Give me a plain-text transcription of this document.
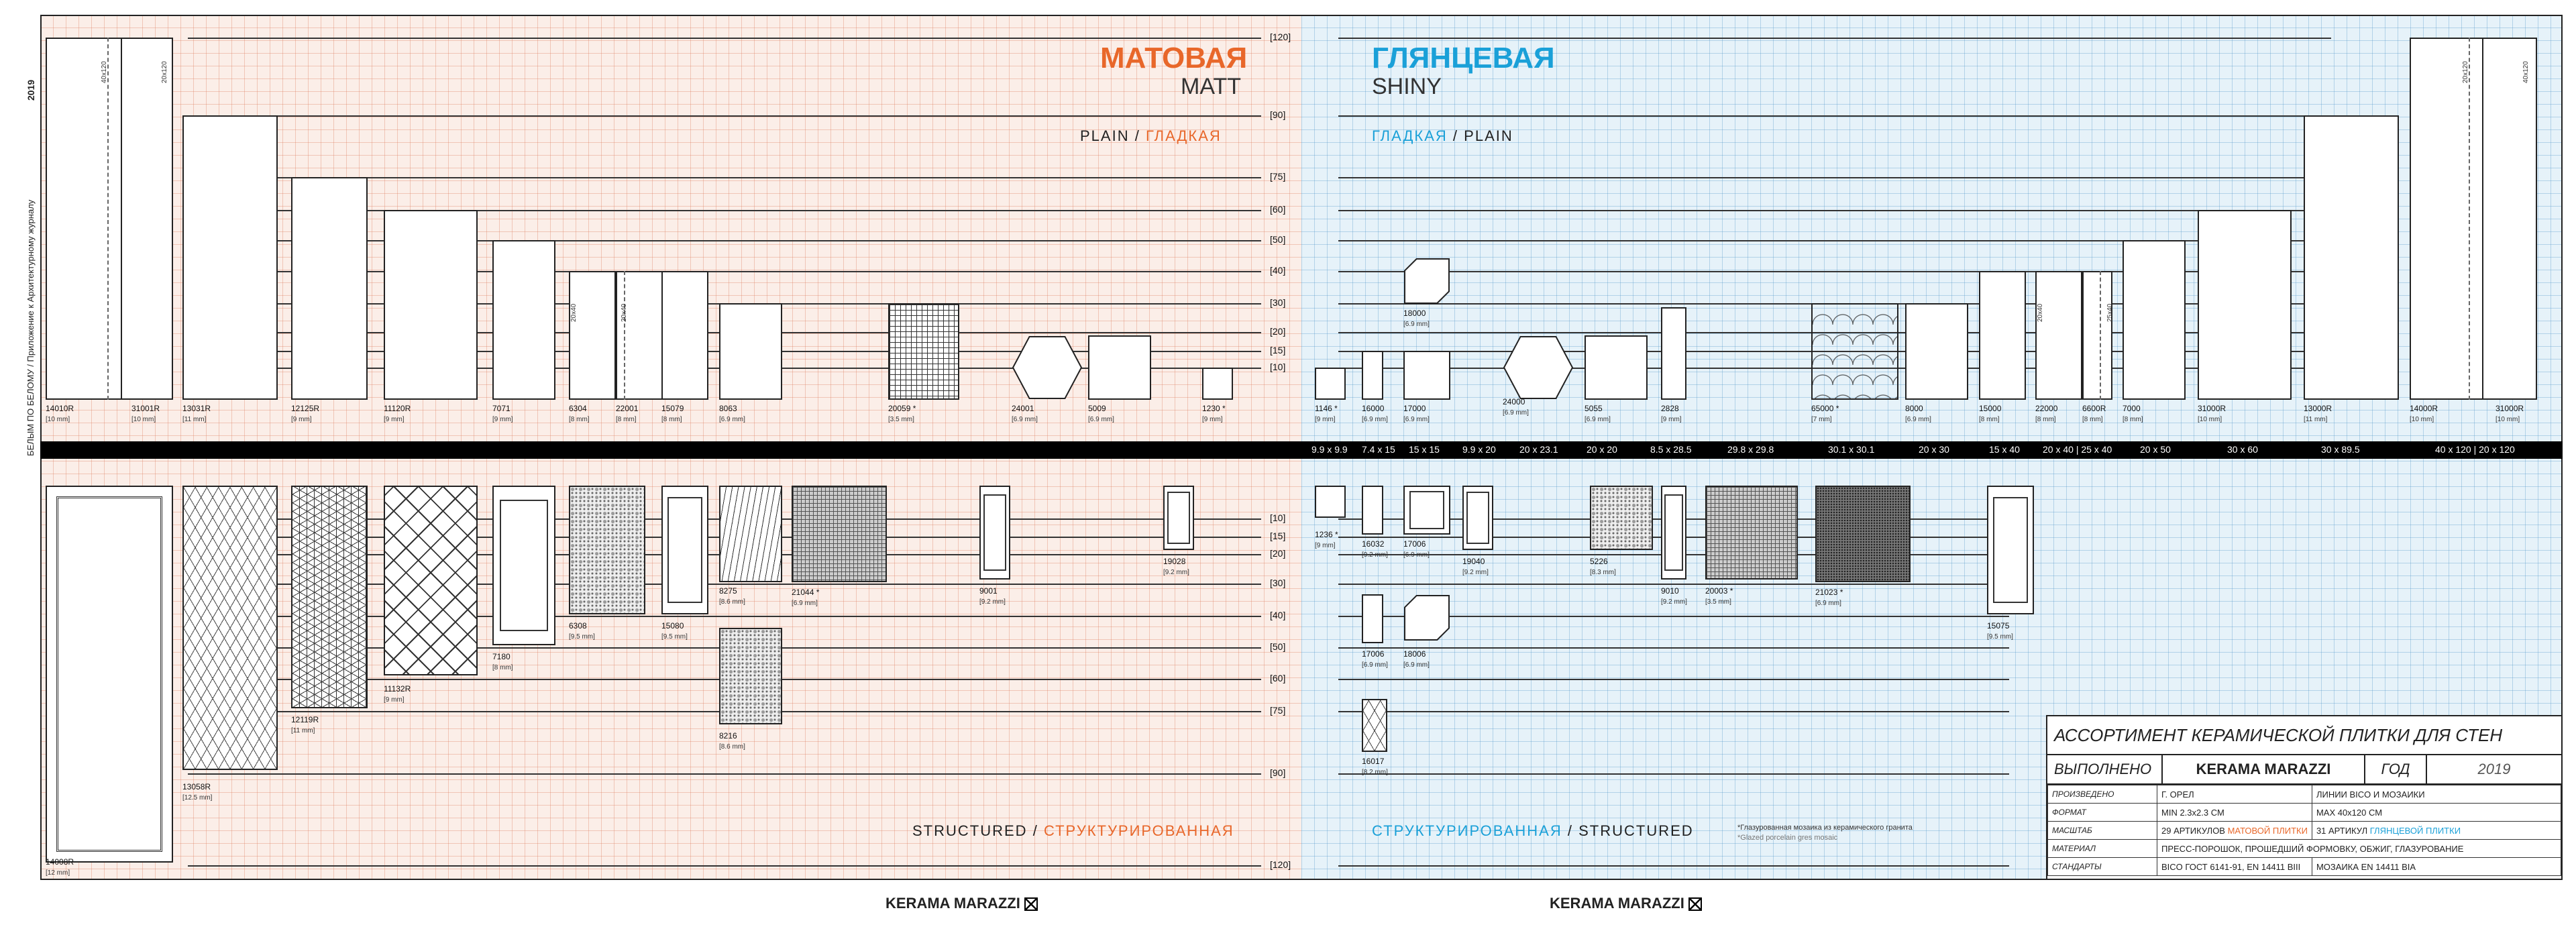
2019
БЕЛЫМ ПО БЕЛОМУ / Приложение к Архитектурному журналу
МАТОВАЯ
MATT
ГЛЯНЦЕВАЯ
SHINY
PLAIN / ГЛАДКАЯ	ГЛАДКАЯ / PLAIN
STRUCTURED / СТРУКТУРИРОВАННАЯ	СТРУКТУРИРОВАННАЯ / STRUCTURED
[120]
[90]
[75]
[60]
[50]
[40]
[30]
[20]
[15]
[10]
[10]
[15]
[20]
[30]
[40]
[50]
[60]
[75]
[90]
[120]
9.9 x 9.9 7.4 x 15 15 x 15 9.9 x 20	20 x 23.1	20 x 20	8.5 x 28.5	29.8 x 29.8	30.1 x 30.1	20 x 30	15 x 40 20 x 40 | 25 x 40	20 x 50	30 x 60	30 x 89.5	40 x 120 | 20 x 120
14010R
[10 mm]
31001R
[10 mm]
13031R
[11 mm]
12125R
[9 mm]
11120R
[9 mm]
7071
[9 mm]
6304
[8 mm]
22001
[8 mm]
15079
[8 mm]
8063
[6.9 mm]
20059 *
[3.5 mm]
24001
[6.9 mm]
5009
[6.9 mm]
1230 *
[9 mm]
1146 *
[9 mm]
16000
[6.9 mm]
17000
[6.9 mm]
18000
[6.9 mm]
24000
[6.9 mm]	5055
[6.9 mm]
2828
[9 mm]
65000 *
[7 mm]
8000
[6.9 mm]
15000
[8 mm]
22000
[8 mm]
6600R
[8 mm]
7000
[8 mm]
31000R
[10 mm]
13000R
[11 mm]
14000R
[10 mm]
31000R
[10 mm]
14008R
[12 mm]
13058R
[12.5 mm]
12119R
[11 mm]
11132R
[9 mm]
7180
[8 mm]
6308
[9.5 mm]
15080
[9.5 mm]
8275
[8.6 mm]
8216
[8.6 mm]
21044 *
[6.9 mm]
9001
[9.2 mm]
19028
[9.2 mm]
1236 *
[9 mm]	16032
[9.2 mm]
17006
[6.9 mm]
19040
[9.2 mm]
17006
[6.9 mm]
18006
[6.9 mm]
16017
[8.2 mm]
5226
[8.3 mm]
9010
[9.2 mm]
20003 *
[3.5 mm]
21023 *
[6.9 mm]
15075
[9.5 mm]
*Глазурованная мозаика из керамического гранита
*Glazed porcelain gres mosaic
KERAMA MARAZZI	KERAMA MARAZZI
АССОРТИМЕНТ КЕРАМИЧЕСКОЙ ПЛИТКИ ДЛЯ СТЕН
ВЫПОЛНЕНО	KERAMA MARAZZI	ГОД	2019
ПРОИЗВЕДЕНО	Г. ОРЕЛ	ЛИНИИ BICO И МОЗАИКИ
ФОРМАТ	MIN 2.3x2.3 СМ	MAX 40x120 СМ
МАСШТАБ	29 АРТИКУЛОВ МАТОВОЙ ПЛИТКИ	31 АРТИКУЛ ГЛЯНЦЕВОЙ ПЛИТКИ
МАТЕРИАЛ	ПРЕСС-ПОРОШОК, ПРОШЕДШИЙ ФОРМОВКУ, ОБЖИГ, ГЛАЗУРОВАНИЕ	
СТАНДАРТЫ	BICO ГОСТ 6141-91, EN 14411 BIII	МОЗАИКА EN 14411 BIA
40x120	20x120	20x120	40x120
20x40	20x40	20x40	25x40
